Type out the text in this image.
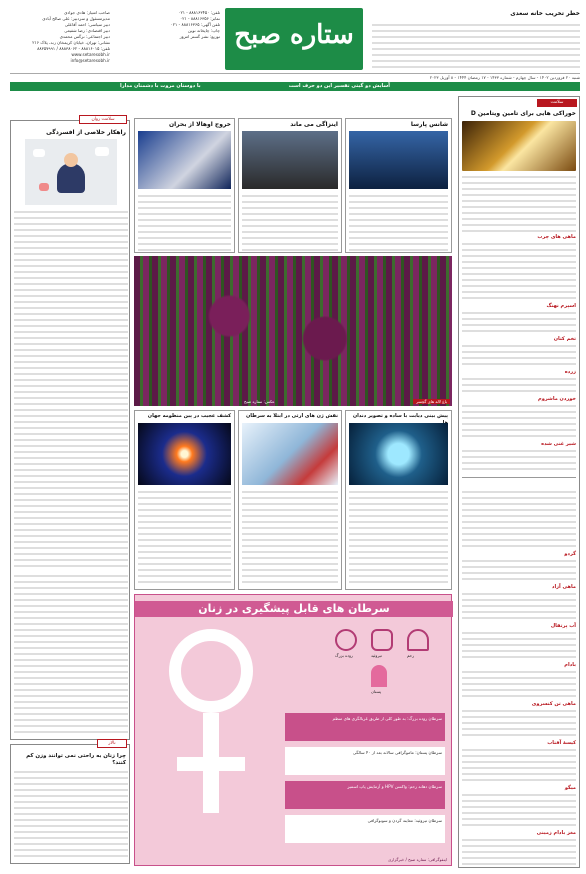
ستاره صبح
صاحب امتیاز: هادی جوادی
مدیرمسئول و سردبیر: علی صالح آبادی
دبیر سیاسی: احمد آقاعلی
دبیر اقتصادی: رضا شفیعی
دبیر اجتماعی: نرگس محمدی
نشانی: تهران، خیابان کریمخان زند، پلاک ۲۱۶
تلفن: ۸۸۸۱۶۰۱۵ - ۸۸۸۳۸۰۶۲ / ۸۸۳۵۷۹۹۱
www.setaresobh.ir
info@setaresobh.ir
تلفن: ۸۸۸۱۶۳۴۵۰ - ۰۲۱
نمابر: ۸۸۸۱۶۳۵۶ - ۰۲۱
تلفن آگهی: ۸۸۸۱۶۳۶۵ - ۰۲۱
چاپ: چاپخانه نوین
توزیع: نشر گستر امروز
خطر تخریب خانه سعدی
شنبه ۲۰ فروردین ۱۴۰۲ - سال چهارم - شماره ۱۴۳۳ - ۱۷ رمضان ۱۴۴۴ - ۸ آوریل ۲۰۲۳
آسایش دو گیتی تفسیر این دو حرف است
با دوستان مروت با دشمنان مدارا
سلامت
خوراکی هایی برای تامین ویتامین D
ماهی های چرب
اسپرم نهنگ
تخم کتان
زرده
خوردن ماشروم
شیر غنی شده
گردو
ماهی آزاد
آب پرتقال
بادام
ماهی تن کنسروی
کیسهٔ آفتاب
میگو
مغز بادام زمینی
سلامت روان
راهکار خلاصی از افسردگی
تالار
چرا زنان به راحتی نمی توانند وزن کم کنند؟
شانس پارسا
اینزاگی می ماند
خروج اوهالا از بحران
باغ لاله های گچسر
عکس: ستاره صبح
پیش بینی دیابت با ساده و تصویر دندان
نقش ژن های ارثی در ابتلا به سرطان
کشف عجیب در پین منظومه جهان
سرطان های قابل پیشگیری در زنان
روده بزرگ	تیروئید	رحم
پستان
سرطان روده بزرگ: به طور کلی از طریق غربالگری های منظم
سرطان پستان: ماموگرافی سالانه بعد از ۴۰ سالگی
سرطان دهانه رحم: واکسن HPV و آزمایش پاپ اسمیر
سرطان تیروئید: معاینه گردن و سونوگرافی
اینفوگرافی: ستاره صبح / خبرگزاری
